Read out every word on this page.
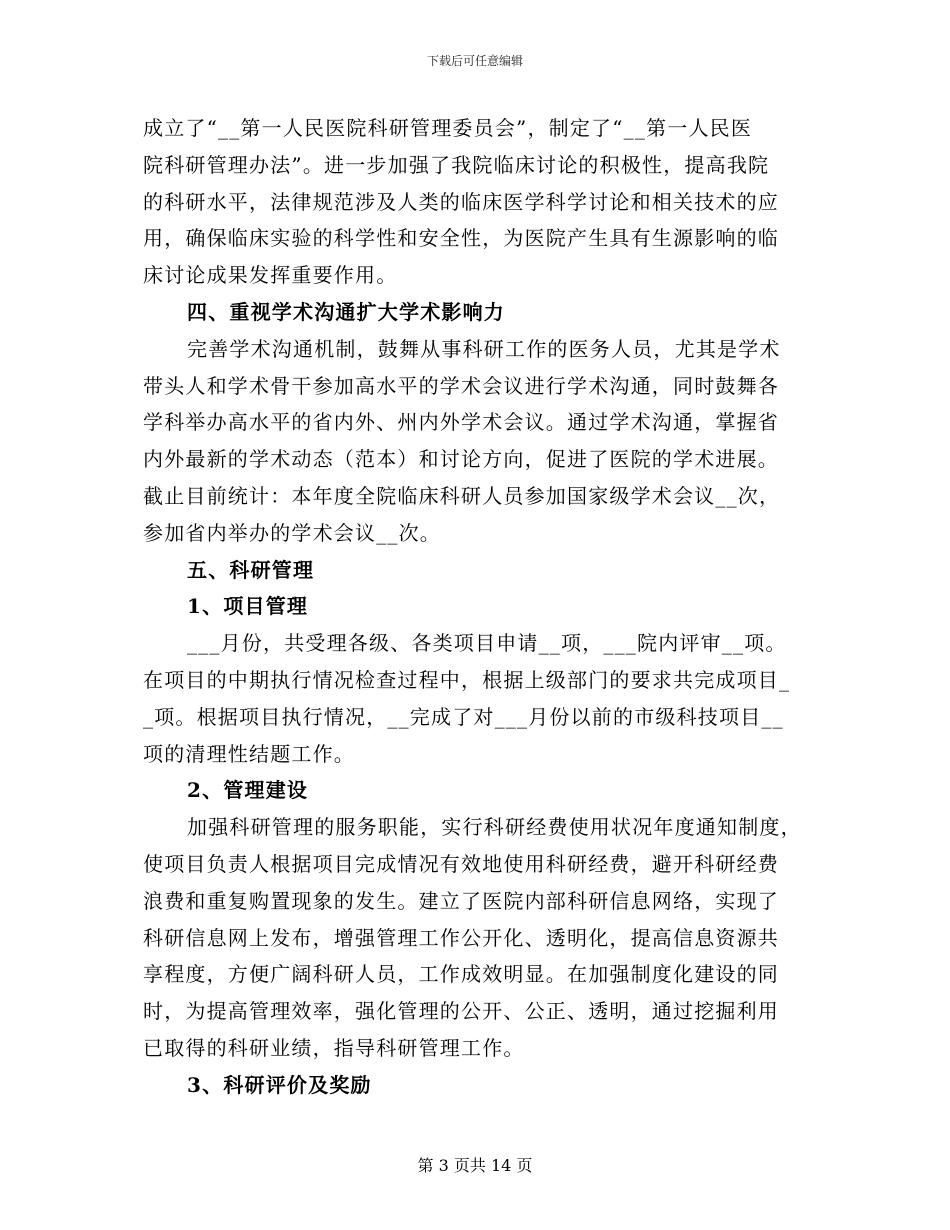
下载后可任意编辑
成立了“__第一人民医院科研管理委员会”，制定了“__第一人民医
院科研管理办法”。进一步加强了我院临床讨论的积极性，提高我院
的科研水平，法律规范涉及人类的临床医学科学讨论和相关技术的应
用，确保临床实验的科学性和安全性，为医院产生具有生源影响的临
床讨论成果发挥重要作用。
四、重视学术沟通扩大学术影响力
完善学术沟通机制，鼓舞从事科研工作的医务人员，尤其是学术
带头人和学术骨干参加高水平的学术会议进行学术沟通，同时鼓舞各
学科举办高水平的省内外、州内外学术会议。通过学术沟通，掌握省
内外最新的学术动态（范本）和讨论方向，促进了医院的学术进展。
截止目前统计：本年度全院临床科研人员参加国家级学术会议__次，
参加省内举办的学术会议__次。
五、科研管理
1、项目管理
___月份，共受理各级、各类项目申请__项，___院内评审__项。
在项目的中期执行情况检查过程中，根据上级部门的要求共完成项目_
_项。根据项目执行情况，__完成了对___月份以前的市级科技项目__
项的清理性结题工作。
2、管理建设
加强科研管理的服务职能，实行科研经费使用状况年度通知制度，
使项目负责人根据项目完成情况有效地使用科研经费，避开科研经费
浪费和重复购置现象的发生。建立了医院内部科研信息网络，实现了
科研信息网上发布，增强管理工作公开化、透明化，提高信息资源共
享程度，方便广阔科研人员，工作成效明显。在加强制度化建设的同
时，为提高管理效率，强化管理的公开、公正、透明，通过挖掘利用
已取得的科研业绩，指导科研管理工作。
3、科研评价及奖励
第 3 页共 14 页
